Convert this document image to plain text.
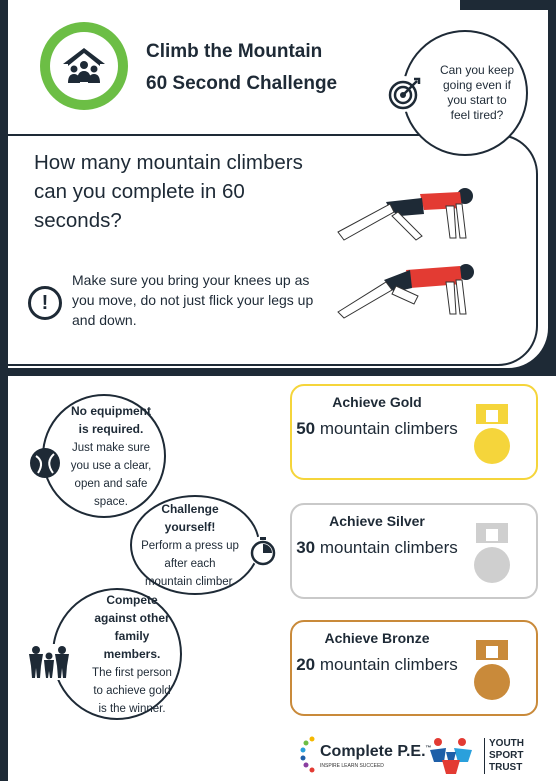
Climb the Mountain
60 Second Challenge
Can you keep going even if you start to feel tired?
How many mountain climbers can you complete in 60 seconds?
!
Make sure you bring your knees up as you move, do not just flick your legs up and down.
No equipment is required.
Just make sure you use a clear, open and safe space.	Challenge yourself!
Perform a press up after each mountain climber.
Compete against other family members.
The first person to achieve gold is the winner.
Achieve Gold
50 mountain climbers
Achieve Silver
30 mountain climbers
Achieve Bronze
20 mountain climbers
Complete P.E.™
INSPIRE LEARN SUCCEED
YOUTH
SPORT
TRUST
